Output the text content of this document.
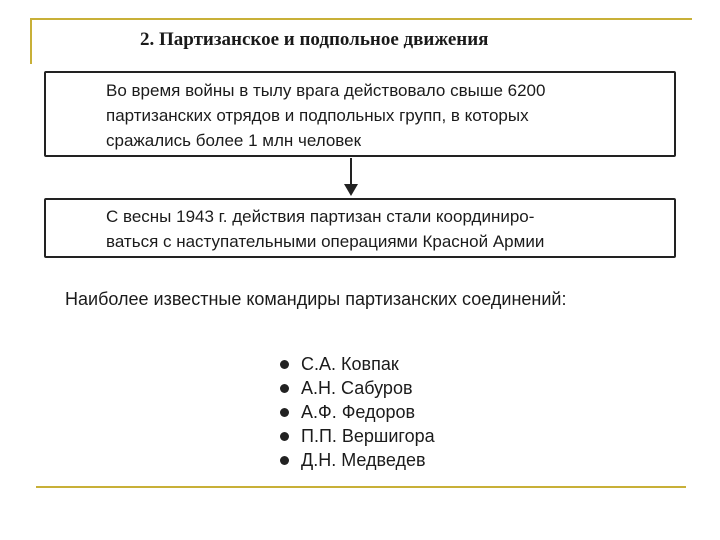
2. Партизанское и подпольное движения
Во время войны в тылу врага действовало свыше 6200
партизанских отрядов и подпольных групп, в которых
сражались более 1 млн человек
С весны 1943 г. действия партизан стали координиро-
ваться с наступательными операциями Красной Армии
Наиболее известные командиры партизанских соединений:
С.А. Ковпак
А.Н. Сабуров
А.Ф. Федоров
П.П. Вершигора
Д.Н. Медведев
